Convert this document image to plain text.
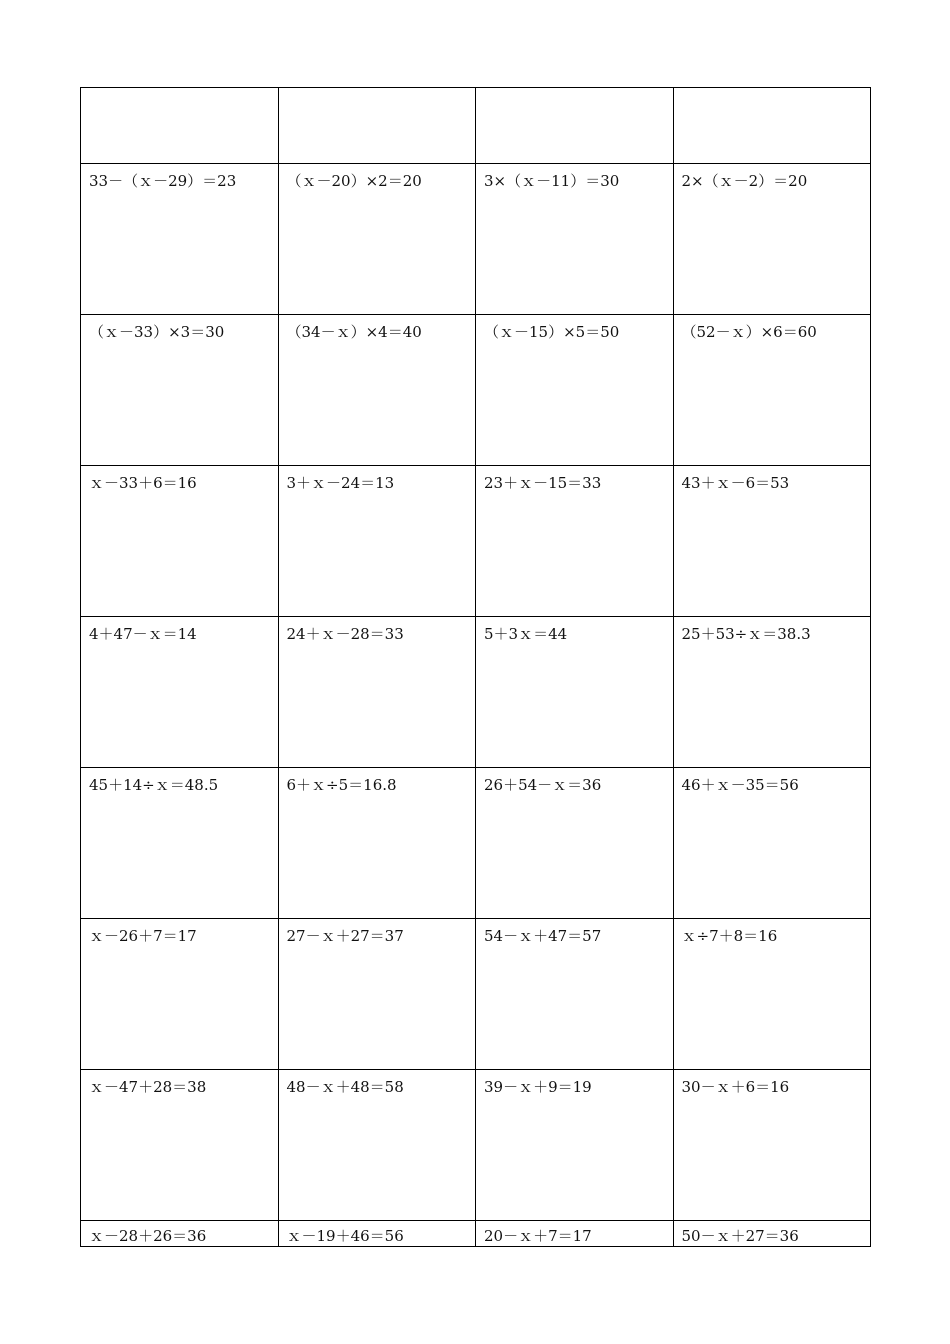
33－（ｘ－29）＝23	（ｘ－20）×2＝20	3×（ｘ－11）＝30	2×（ｘ－2）＝20
（ｘ－33）×3＝30	（34－ｘ）×4＝40	（ｘ－15）×5＝50	（52－ｘ）×6＝60
ｘ－33＋6＝16	3＋ｘ－24＝13	23＋ｘ－15＝33	43＋ｘ－6＝53
4＋47－ｘ＝14	24＋ｘ－28＝33	5＋3ｘ＝44	25＋53÷ｘ＝38.3
45＋14÷ｘ＝48.5	6＋ｘ÷5＝16.8	26＋54－ｘ＝36	46＋ｘ－35＝56
ｘ－26＋7＝17	27－ｘ＋27＝37	54－ｘ＋47＝57	ｘ÷7＋8＝16
ｘ－47＋28＝38	48－ｘ＋48＝58	39－ｘ＋9＝19	30－ｘ＋6＝16
ｘ－28＋26＝36	ｘ－19＋46＝56	20－ｘ＋7＝17	50－ｘ＋27＝36
